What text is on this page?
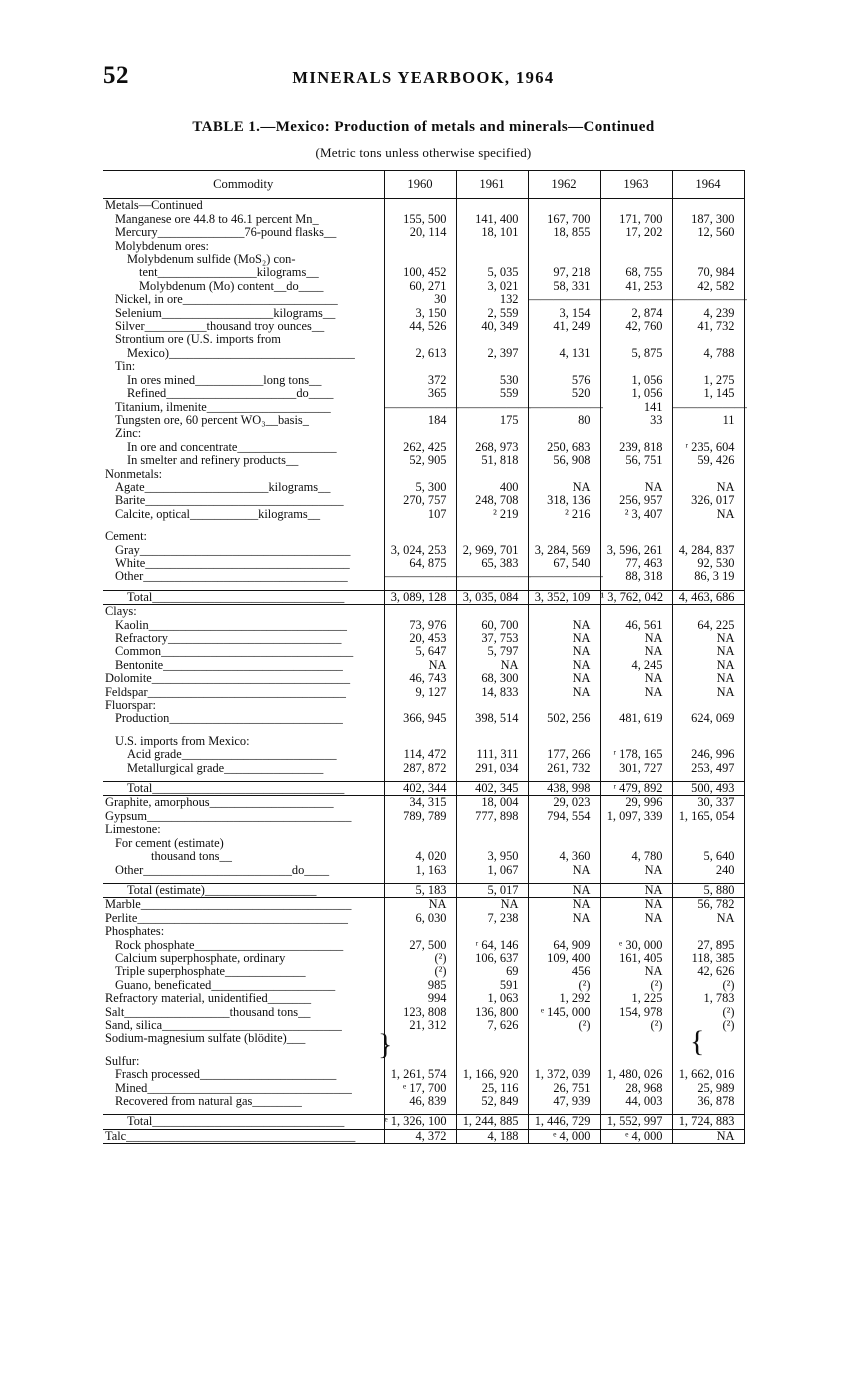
52	MINERALS YEARBOOK, 1964
TABLE 1.—Mexico: Production of metals and minerals—Continued
(Metric tons unless otherwise specified)
Commodity	1960	1961	1962	1963	1964
Metals—Continued					
Manganese ore 44.8 to 46.1 percent Mn_	155, 500	141, 400	167, 700	171, 700	187, 300
Mercury______________76-pound flasks__	20, 114	18, 101	18, 855	17, 202	12, 560
Molybdenum ores:					
Molybdenum sulfide (MoS₂) con-					
tent________________kilograms__	100, 452	5, 035	97, 218	68, 755	70, 984
Molybdenum (Mo) content__do____	60, 271	3, 021	58, 331	41, 253	42, 582
Nickel, in ore_________________________	30	132	——————	——————	——————
Selenium__________________kilograms__	3, 150	2, 559	3, 154	2, 874	4, 239
Silver__________thousand troy ounces__	44, 526	40, 349	41, 249	42, 760	41, 732
Strontium ore (U.S. imports from					
Mexico)______________________________	2, 613	2, 397	4, 131	5, 875	4, 788
Tin:					
In ores mined___________long tons__	372	530	576	1, 056	1, 275
Refined_____________________do____	365	559	520	1, 056	1, 145
Titanium, ilmenite____________________	——————	——————	——————	141	——————
Tungsten ore, 60 percent WO₃__basis_	184	175	80	33	11
Zinc:					
In ore and concentrate________________	262, 425	268, 973	250, 683	239, 818	ʳ 235, 604
In smelter and refinery products__	52, 905	51, 818	56, 908	56, 751	59, 426
Nonmetals:					
Agate____________________kilograms__	5, 300	400	NA	NA	NA
Barite________________________________	270, 757	248, 708	318, 136	256, 957	326, 017
Calcite, optical___________kilograms__	107	² 219	² 216	² 3, 407	NA

Cement:					
Gray__________________________________	3, 024, 253	2, 969, 701	3, 284, 569	3, 596, 261	4, 284, 837
White_________________________________	64, 875	65, 383	67, 540	77, 463	92, 530
Other_________________________________	——————	——————	——————	88, 318	86, 3 19

Total_______________________________	3, 089, 128	3, 035, 084	3, 352, 109	¹ 3, 762, 042	4, 463, 686
Clays:					
Kaolin________________________________	73, 976	60, 700	NA	46, 561	64, 225
Refractory____________________________	20, 453	37, 753	NA	NA	NA
Common_______________________________	5, 647	5, 797	NA	NA	NA
Bentonite_____________________________	NA	NA	NA	4, 245	NA
Dolomite________________________________	46, 743	68, 300	NA	NA	NA
Feldspar________________________________	9, 127	14, 833	NA	NA	NA
Fluorspar:					
Production____________________________	366, 945	398, 514	502, 256	481, 619	624, 069

U.S. imports from Mexico:					
Acid grade_________________________	114, 472	111, 311	177, 266	ʳ 178, 165	246, 996
Metallurgical grade________________	287, 872	291, 034	261, 732	301, 727	253, 497

Total_______________________________	402, 344	402, 345	438, 998	ʳ 479, 892	500, 493
Graphite, amorphous____________________	34, 315	18, 004	29, 023	29, 996	30, 337
Gypsum_________________________________	789, 789	777, 898	794, 554	1, 097, 339	1, 165, 054
Limestone:					
For cement (estimate)					
thousand tons__	4, 020	3, 950	4, 360	4, 780	5, 640
Other________________________do____	1, 163	1, 067	NA	NA	240

Total (estimate)__________________	5, 183	5, 017	NA	NA	5, 880
Marble__________________________________	NA	NA	NA	NA	56, 782
Perlite__________________________________	6, 030	7, 238	NA	NA	NA
Phosphates:					
Rock phosphate________________________	27, 500	ʳ 64, 146	64, 909	ᵉ 30, 000	27, 895
Calcium superphosphate, ordinary	(²)	106, 637	109, 400	161, 405	118, 385
Triple superphosphate_____________	(²)	69	456	NA	42, 626
Guano, beneficated____________________	985	591	(²)	(²)	(²)
Refractory material, unidentified_______	994	1, 063	1, 292	1, 225	1, 783
Salt_________________thousand tons__	123, 808	136, 800	ᵉ 145, 000	154, 978	(²)
Sand, silica_____________________________	21, 312	7, 626	(²)	(²)	(²)
Sodium-magnesium sulfate (blödite)___					

Sulfur:					
Frasch processed______________________	1, 261, 574	1, 166, 920	1, 372, 039	1, 480, 026	1, 662, 016
Mined_________________________________	ᵉ 17, 700	25, 116	26, 751	28, 968	25, 989
Recovered from natural gas________	46, 839	52, 849	47, 939	44, 003	36, 878

Total_______________________________	ᵉ 1, 326, 100	1, 244, 885	1, 446, 729	1, 552, 997	1, 724, 883
Talc_____________________________________	4, 372	4, 188	ᵉ 4, 000	ᵉ 4, 000	NA
}	{
